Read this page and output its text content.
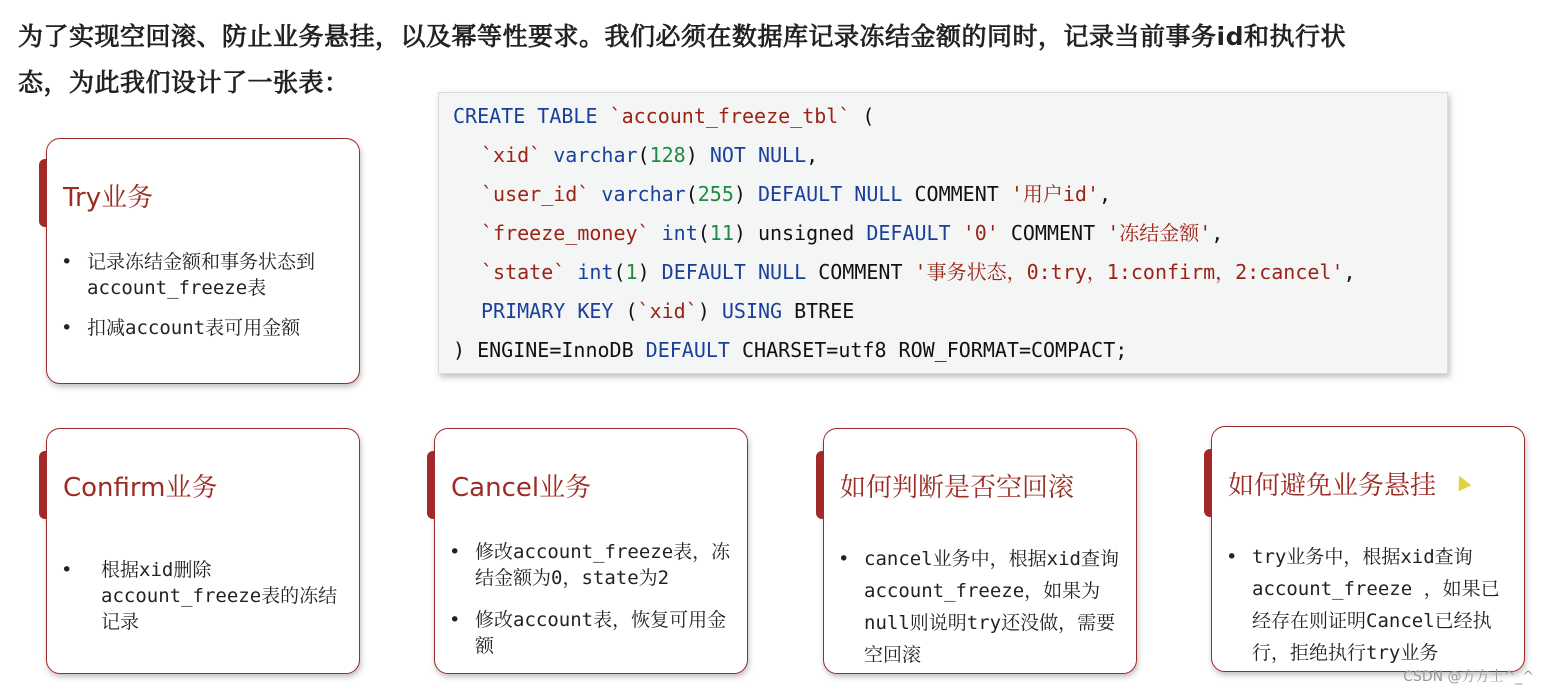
为了实现空回滚、防止业务悬挂，以及幂等性要求。我们必须在数据库记录冻结金额的同时，记录当前事务id和执行状
态，为此我们设计了一张表：
CREATE TABLE `account_freeze_tbl` (
`xid` varchar(128) NOT NULL,
`user_id` varchar(255) DEFAULT NULL COMMENT '用户id',
`freeze_money` int(11) unsigned DEFAULT '0' COMMENT '冻结金额',
`state` int(1) DEFAULT NULL COMMENT '事务状态，0:try，1:confirm，2:cancel',
PRIMARY KEY (`xid`) USING BTREE
) ENGINE=InnoDB DEFAULT CHARSET=utf8 ROW_FORMAT=COMPACT;
Try业务
• 记录冻结金额和事务状态到account_freeze表
• 扣减account表可用金额
Confirm业务
• 根据xid删除account_freeze表的冻结记录
Cancel业务
• 修改account_freeze表，冻结金额为0，state为2
• 修改account表，恢复可用金额
如何判断是否空回滚
• cancel业务中，根据xid查询account_freeze，如果为null则说明try还没做，需要空回滚
如何避免业务悬挂
• try业务中，根据xid查询account_freeze ，如果已经存在则证明Cancel已经执行，拒绝执行try业务
CSDN @方方土^_^
